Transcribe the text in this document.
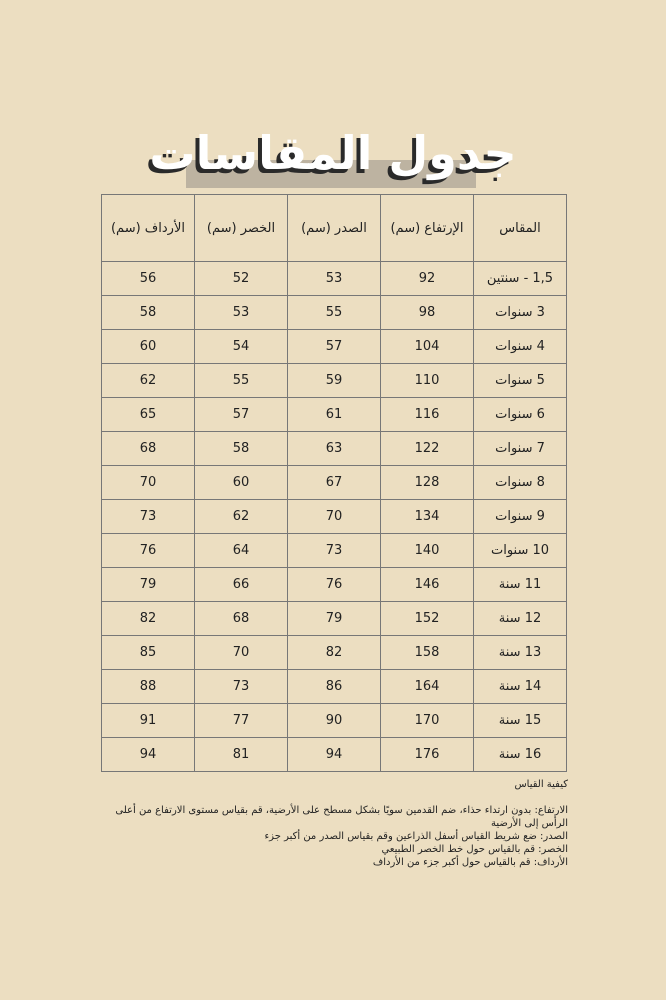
جدول المقاسات
المقاس	الإرتفاع (سم)	الصدر (سم)	الخصر (سم)	الأرداف (سم)
1,5 - سنتين	92	53	52	56
3 سنوات	98	55	53	58
4 سنوات	104	57	54	60
5 سنوات	110	59	55	62
6 سنوات	116	61	57	65
7 سنوات	122	63	58	68
8 سنوات	128	67	60	70
9 سنوات	134	70	62	73
10 سنوات	140	73	64	76
11 سنة	146	76	66	79
12 سنة	152	79	68	82
13 سنة	158	82	70	85
14 سنة	164	86	73	88
15 سنة	170	90	77	91
16 سنة	176	94	81	94
كيفية القياس

الارتفاع: بدون ارتداء حذاء، ضم القدمين سويًا بشكل مسطح على الأرضية، قم بقياس مستوى الارتفاع من أعلى الرأس إلى الأرضية

الصدر: ضع شريط القياس أسفل الذراعين وقم بقياس الصدر من أكبر جزء

الخصر: قم بالقياس حول خط الخصر الطبيعي

الأرداف: قم بالقياس حول أكبر جزء من الأرداف
